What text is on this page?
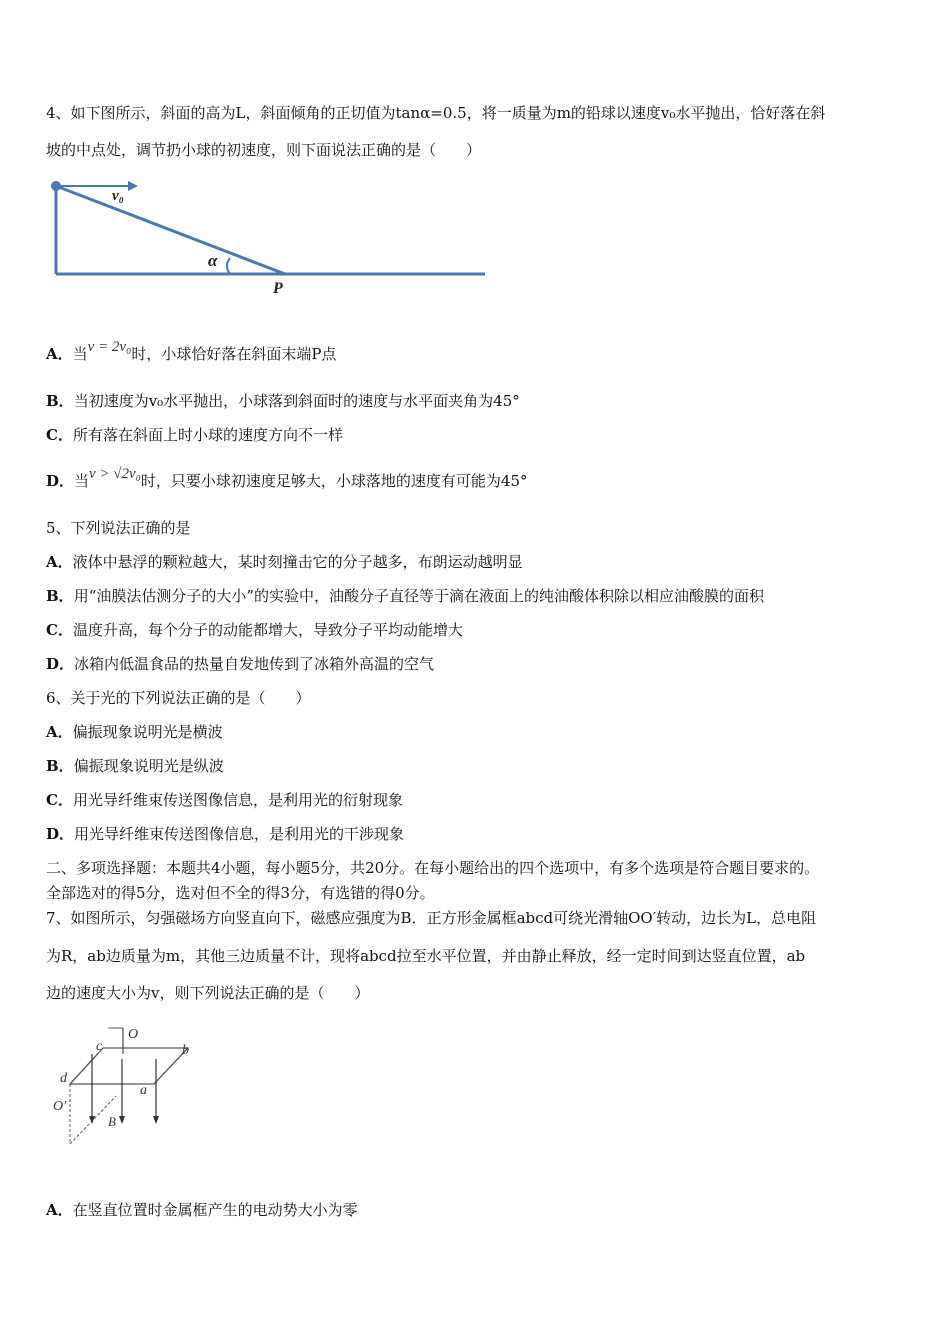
4、如下图所示，斜面的高为L，斜面倾角的正切值为tanα=0.5，将一质量为m的铅球以速度v₀水平抛出，恰好落在斜
坡的中点处，调节扔小球的初速度，则下面说法正确的是（　　）
v₀
α
P
A．当v = 2v₀时，小球恰好落在斜面末端P点
B．当初速度为v₀水平抛出，小球落到斜面时的速度与水平面夹角为45°
C．所有落在斜面上时小球的速度方向不一样
D．当v > √2v₀时，只要小球初速度足够大，小球落地的速度有可能为45°
5、下列说法正确的是
A．液体中悬浮的颗粒越大，某时刻撞击它的分子越多，布朗运动越明显
B．用“油膜法估测分子的大小”的实验中，油酸分子直径等于滴在液面上的纯油酸体积除以相应油酸膜的面积
C．温度升高，每个分子的动能都增大，导致分子平均动能增大
D．冰箱内低温食品的热量自发地传到了冰箱外高温的空气
6、关于光的下列说法正确的是（　　）
A．偏振现象说明光是横波
B．偏振现象说明光是纵波
C．用光导纤维束传送图像信息，是利用光的衍射现象
D．用光导纤维束传送图像信息，是利用光的干涉现象
二、多项选择题：本题共4小题，每小题5分，共20分。在每小题给出的四个选项中，有多个选项是符合题目要求的。
全部选对的得5分，选对但不全的得3分，有选错的得0分。
7、如图所示，匀强磁场方向竖直向下，磁感应强度为B．正方形金属框abcd可绕光滑轴OO′转动，边长为L，总电阻
为R，ab边质量为m，其他三边质量不计，现将abcd拉至水平位置，并由静止释放，经一定时间到达竖直位置，ab
边的速度大小为v，则下列说法正确的是（　　）
O
O′
c	b
d
a
B
A．在竖直位置时金属框产生的电动势大小为零
